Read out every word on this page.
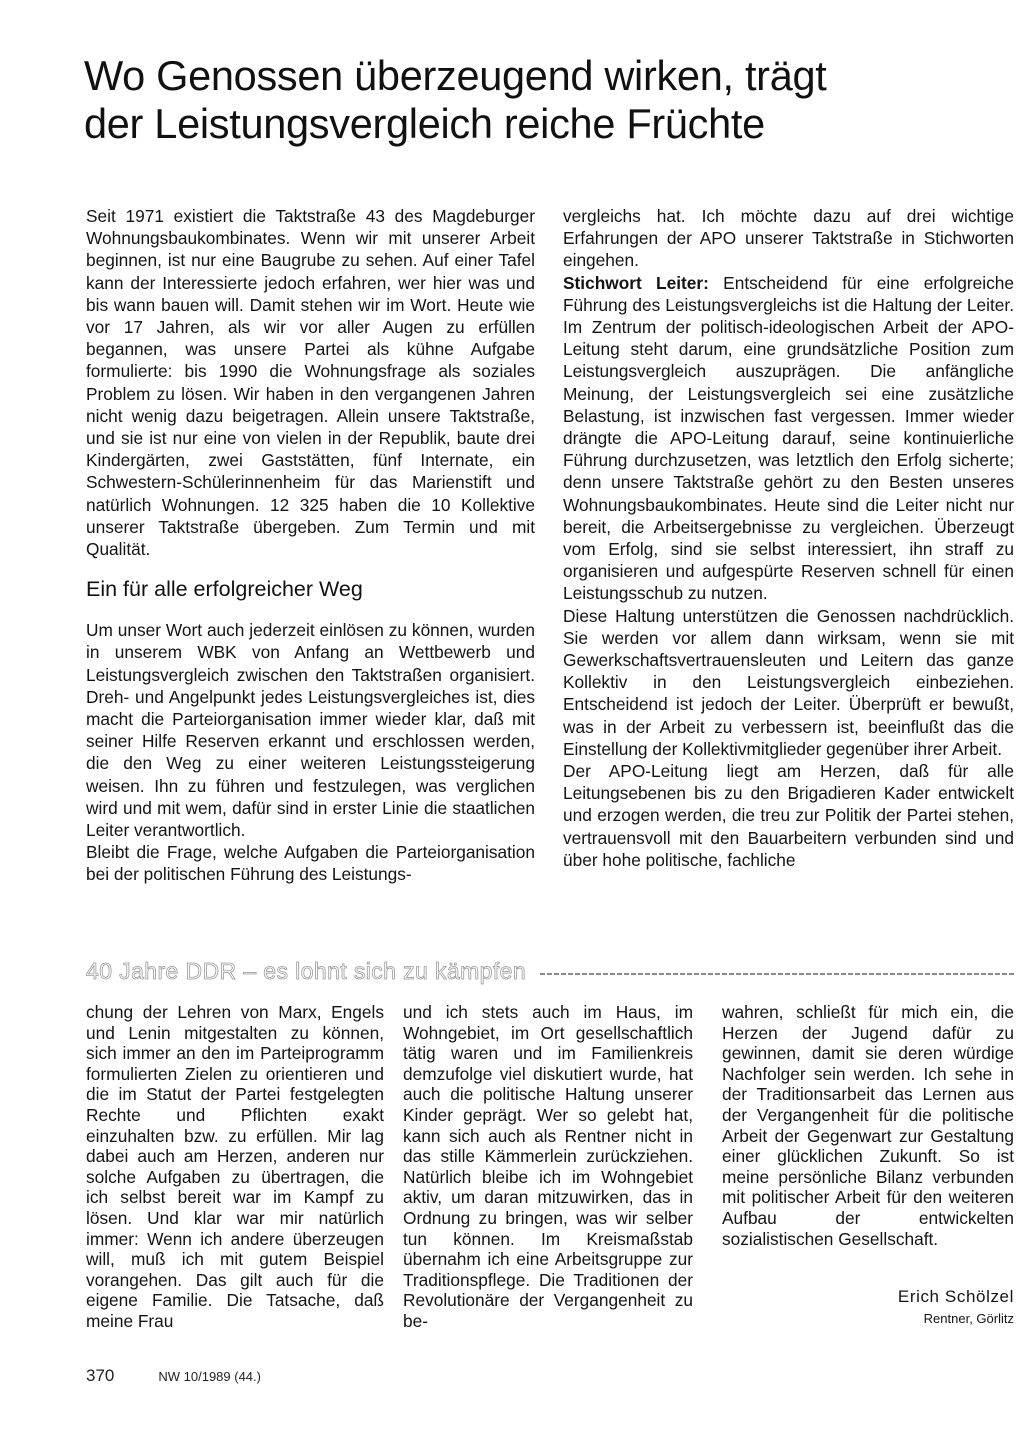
Wo Genossen überzeugend wirken, trägt
der Leistungsvergleich reiche Früchte

Seit 1971 existiert die Taktstraße 43 des Magdeburger Wohnungsbaukombinates. Wenn wir mit unserer Arbeit beginnen, ist nur eine Baugrube zu sehen. Auf einer Tafel kann der Interessierte jedoch erfahren, wer hier was und bis wann bauen will. Damit stehen wir im Wort. Heute wie vor 17 Jahren, als wir vor aller Augen zu erfüllen begannen, was unsere Partei als kühne Aufgabe formulierte: bis 1990 die Wohnungsfrage als soziales Problem zu lösen. Wir haben in den vergangenen Jahren nicht wenig dazu beigetragen. Allein unsere Taktstraße, und sie ist nur eine von vielen in der Republik, baute drei Kindergärten, zwei Gaststätten, fünf Internate, ein Schwestern-Schülerinnenheim für das Marienstift und natürlich Wohnungen. 12 325 haben die 10 Kollektive unserer Taktstraße übergeben. Zum Termin und mit Qualität.

Ein für alle erfolgreicher Weg

Um unser Wort auch jederzeit einlösen zu können, wurden in unserem WBK von Anfang an Wettbewerb und Leistungsvergleich zwischen den Taktstraßen organisiert. Dreh- und Angelpunkt jedes Leistungsvergleiches ist, dies macht die Parteiorganisation immer wieder klar, daß mit seiner Hilfe Reserven erkannt und erschlossen werden, die den Weg zu einer weiteren Leistungssteigerung weisen. Ihn zu führen und festzulegen, was verglichen wird und mit wem, dafür sind in erster Linie die staatlichen Leiter verantwortlich.

Bleibt die Frage, welche Aufgaben die Parteiorganisation bei der politischen Führung des Leistungs-

vergleichs hat. Ich möchte dazu auf drei wichtige Erfahrungen der APO unserer Taktstraße in Stichworten eingehen.

Stichwort Leiter: Entscheidend für eine erfolgreiche Führung des Leistungsvergleichs ist die Haltung der Leiter. Im Zentrum der politisch-ideologischen Arbeit der APO-Leitung steht darum, eine grundsätzliche Position zum Leistungsvergleich auszuprägen. Die anfängliche Meinung, der Leistungsvergleich sei eine zusätzliche Belastung, ist inzwischen fast vergessen. Immer wieder drängte die APO-Leitung darauf, seine kontinuierliche Führung durchzusetzen, was letztlich den Erfolg sicherte; denn unsere Taktstraße gehört zu den Besten unseres Wohnungsbaukombinates. Heute sind die Leiter nicht nur bereit, die Arbeitsergebnisse zu vergleichen. Überzeugt vom Erfolg, sind sie selbst interessiert, ihn straff zu organisieren und aufgespürte Reserven schnell für einen Leistungsschub zu nutzen.

Diese Haltung unterstützen die Genossen nachdrücklich. Sie werden vor allem dann wirksam, wenn sie mit Gewerkschaftsvertrauensleuten und Leitern das ganze Kollektiv in den Leistungsvergleich einbeziehen. Entscheidend ist jedoch der Leiter. Überprüft er bewußt, was in der Arbeit zu verbessern ist, beeinflußt das die Einstellung der Kollektivmitglieder gegenüber ihrer Arbeit.

Der APO-Leitung liegt am Herzen, daß für alle Leitungsebenen bis zu den Brigadieren Kader entwickelt und erzogen werden, die treu zur Politik der Partei stehen, vertrauensvoll mit den Bauarbeitern verbunden sind und über hohe politische, fachliche

40 Jahre DDR – es lohnt sich zu kämpfen

chung der Lehren von Marx, Engels und Lenin mitgestalten zu können, sich immer an den im Parteiprogramm formulierten Zielen zu orientieren und die im Statut der Partei festgelegten Rechte und Pflichten exakt einzuhalten bzw. zu erfüllen. Mir lag dabei auch am Herzen, anderen nur solche Aufgaben zu übertragen, die ich selbst bereit war im Kampf zu lösen. Und klar war mir natürlich immer: Wenn ich andere überzeugen will, muß ich mit gutem Beispiel vorangehen. Das gilt auch für die eigene Familie. Die Tatsache, daß meine Frau

und ich stets auch im Haus, im Wohngebiet, im Ort gesellschaftlich tätig waren und im Familienkreis demzufolge viel diskutiert wurde, hat auch die politische Haltung unserer Kinder geprägt. Wer so gelebt hat, kann sich auch als Rentner nicht in das stille Kämmerlein zurückziehen. Natürlich bleibe ich im Wohngebiet aktiv, um daran mitzuwirken, das in Ordnung zu bringen, was wir selber tun können. Im Kreismaßstab übernahm ich eine Arbeitsgruppe zur Traditionspflege. Die Traditionen der Revolutionäre der Vergangenheit zu be-

wahren, schließt für mich ein, die Herzen der Jugend dafür zu gewinnen, damit sie deren würdige Nachfolger sein werden. Ich sehe in der Traditionsarbeit das Lernen aus der Vergangenheit für die politische Arbeit der Gegenwart zur Gestaltung einer glücklichen Zukunft. So ist meine persönliche Bilanz verbunden mit politischer Arbeit für den weiteren Aufbau der entwickelten sozialistischen Gesellschaft.

Erich Schölzel
Rentner, Görlitz
370	NW 10/1989 (44.)
